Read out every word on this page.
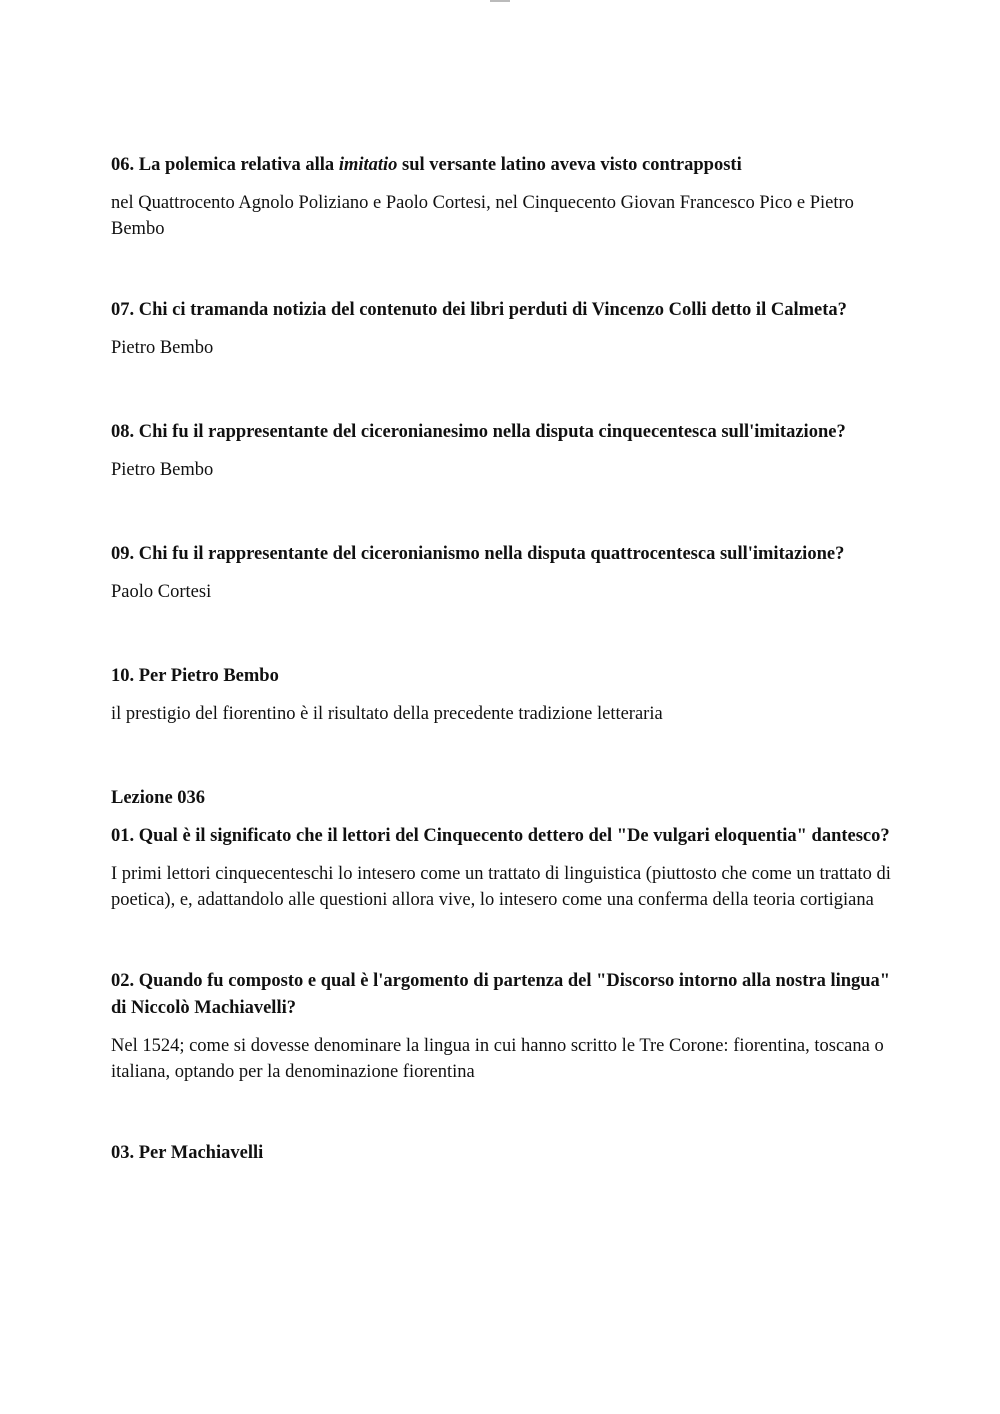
06. La polemica relativa alla imitatio sul versante latino aveva visto contrapposti

nel Quattrocento Agnolo Poliziano e Paolo Cortesi, nel Cinquecento Giovan Francesco Pico e Pietro Bembo

07. Chi ci tramanda notizia del contenuto dei libri perduti di Vincenzo Colli detto il Calmeta?

Pietro Bembo

08. Chi fu il rappresentante del ciceronianesimo nella disputa cinquecentesca sull'imitazione?

Pietro Bembo

09. Chi fu il rappresentante del ciceronianismo nella disputa quattrocentesca sull'imitazione?

Paolo Cortesi

10. Per Pietro Bembo

il prestigio del fiorentino è il risultato della precedente tradizione letteraria

Lezione 036

01. Qual è il significato che il lettori del Cinquecento dettero del "De vulgari eloquentia" dantesco?

I primi lettori cinquecenteschi lo intesero come un trattato di linguistica (piuttosto che come un trattato di poetica), e, adattandolo alle questioni allora vive, lo intesero come una conferma della teoria cortigiana

02. Quando fu composto e qual è l'argomento di partenza del "Discorso intorno alla nostra lingua" di Niccolò Machiavelli?

Nel 1524; come si dovesse denominare la lingua in cui hanno scritto le Tre Corone: fiorentina, toscana o italiana, optando per la denominazione fiorentina

03. Per Machiavelli
